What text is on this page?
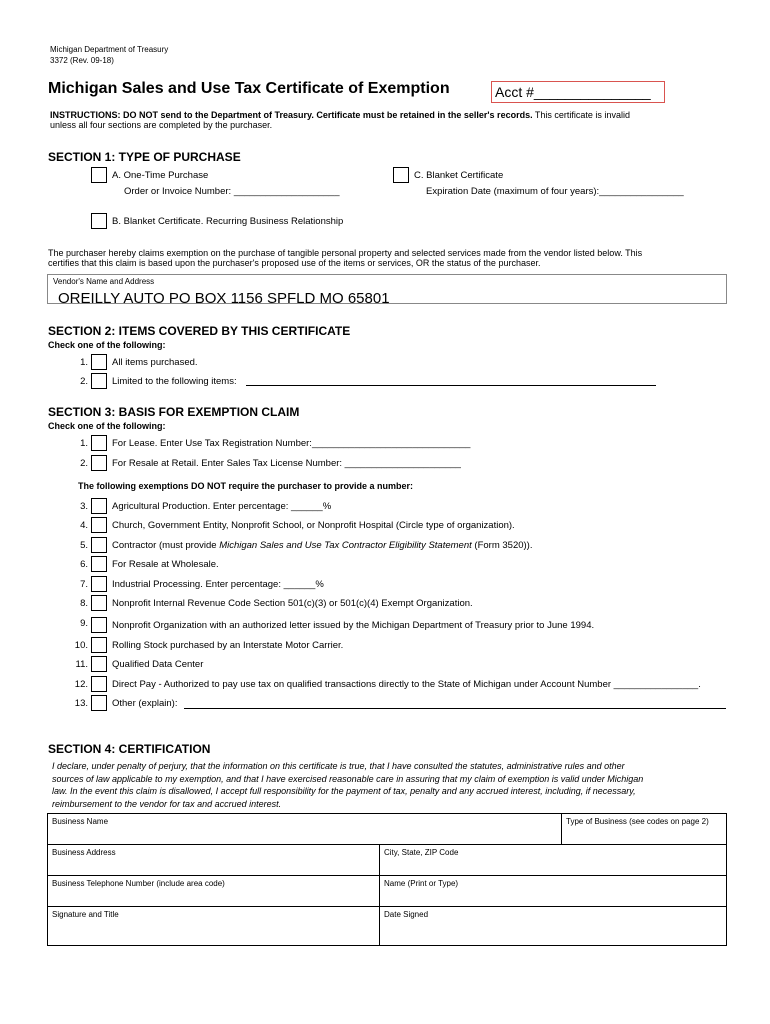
Michigan Department of Treasury
3372 (Rev. 09-18)
Michigan Sales and Use Tax Certificate of Exemption	Acct #_______________
INSTRUCTIONS: DO NOT send to the Department of Treasury. Certificate must be retained in the seller's records. This certificate is invalid
unless all four sections are completed by the purchaser.
SECTION 1: TYPE OF PURCHASE
A. One-Time Purchase
Order or Invoice Number: ____________________
C. Blanket Certificate
Expiration Date (maximum of four years):________________
B. Blanket Certificate. Recurring Business Relationship
The purchaser hereby claims exemption on the purchase of tangible personal property and selected services made from the vendor listed below. This
certifies that this claim is based upon the purchaser's proposed use of the items or services, OR the status of the purchaser.
Vendor's Name and Address
OREILLY AUTO PO BOX 1156 SPFLD MO 65801
SECTION 2: ITEMS COVERED BY THIS CERTIFICATE
Check one of the following:
1.	All items purchased.
2.	Limited to the following items:
SECTION 3: BASIS FOR EXEMPTION CLAIM
Check one of the following:
1.	For Lease. Enter Use Tax Registration Number:______________________________
2.	For Resale at Retail. Enter Sales Tax License Number: ______________________
The following exemptions DO NOT require the purchaser to provide a number:
3.	Agricultural Production. Enter percentage: ______%
4.	Church, Government Entity, Nonprofit School, or Nonprofit Hospital (Circle type of organization).
5.	Contractor (must provide Michigan Sales and Use Tax Contractor Eligibility Statement (Form 3520)).
6.	For Resale at Wholesale.
7.	Industrial Processing. Enter percentage: ______%
8.	Nonprofit Internal Revenue Code Section 501(c)(3) or 501(c)(4) Exempt Organization.
9.	Nonprofit Organization with an authorized letter issued by the Michigan Department of Treasury prior to June 1994.
10.	Rolling Stock purchased by an Interstate Motor Carrier.
11.	Qualified Data Center
12.	Direct Pay - Authorized to pay use tax on qualified transactions directly to the State of Michigan under Account Number ________________.
13.	Other (explain):
SECTION 4: CERTIFICATION
I declare, under penalty of perjury, that the information on this certificate is true, that I have consulted the statutes, administrative rules and other
sources of law applicable to my exemption, and that I have exercised reasonable care in assuring that my claim of exemption is valid under Michigan
law. In the event this claim is disallowed, I accept full responsibility for the payment of tax, penalty and any accrued interest, including, if necessary,
reimbursement to the vendor for tax and accrued interest.
Business Name	Type of Business (see codes on page 2)
Business Address	City, State, ZIP Code
Business Telephone Number (include area code)	Name (Print or Type)
Signature and Title	Date Signed
